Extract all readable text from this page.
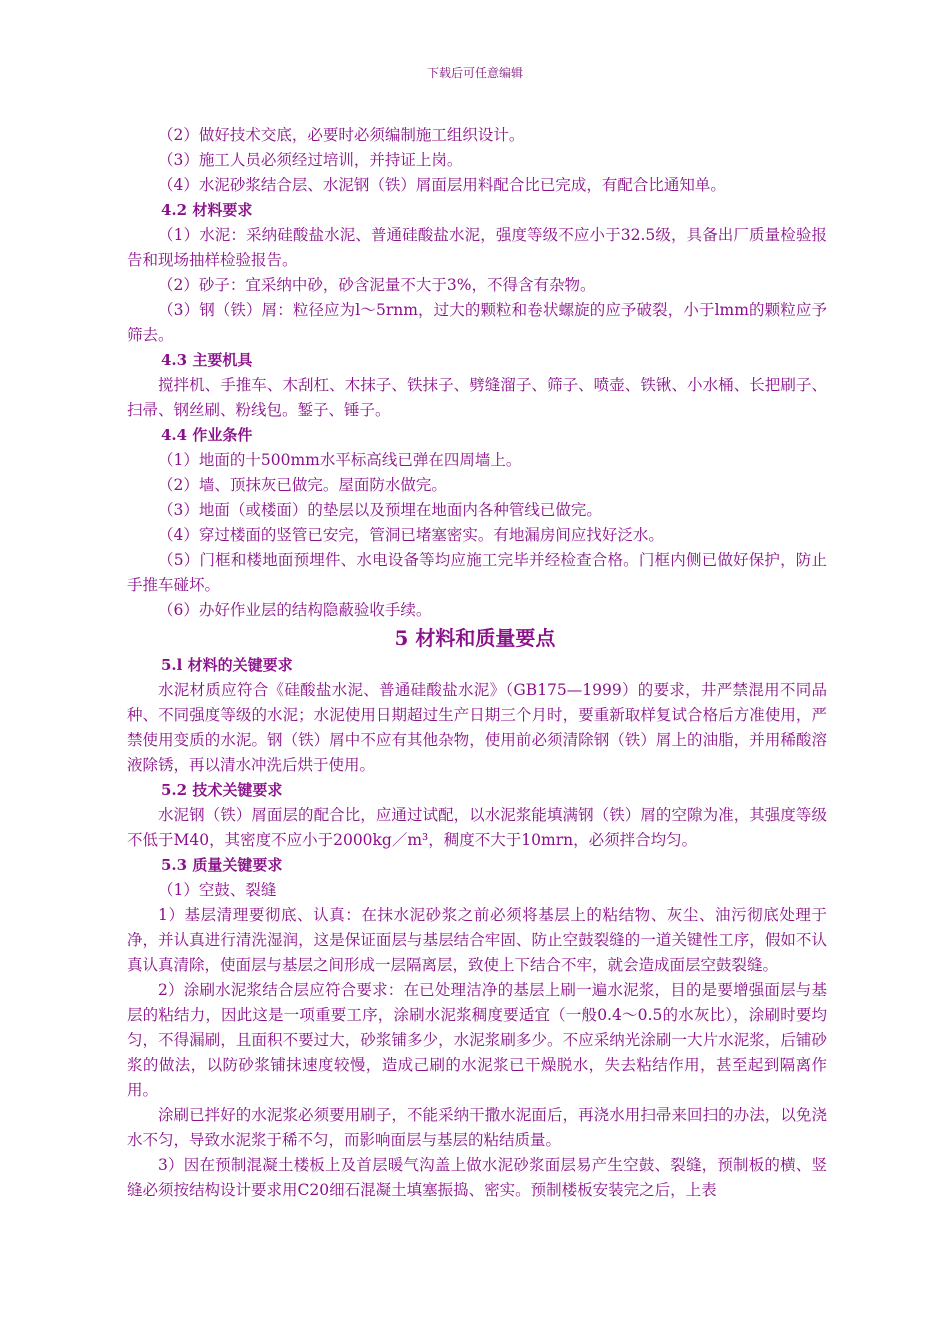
下载后可任意编辑

（2）做好技术交底，必要时必须编制施工组织设计。

（3）施工人员必须经过培训，并持证上岗。

（4）水泥砂浆结合层、水泥钢（铁）屑面层用料配合比已完成，有配合比通知单。

4.2 材料要求

（1）水泥：采纳硅酸盐水泥、普通硅酸盐水泥，强度等级不应小于32.5级，具备出厂质量检验报告和现场抽样检验报告。

（2）砂子：宜采纳中砂，砂含泥量不大于3%，不得含有杂物。

（3）钢（铁）屑：粒径应为l～5rnm，过大的颗粒和卷状螺旋的应予破裂，小于lmm的颗粒应予筛去。

4.3 主要机具

搅拌机、手推车、木刮杠、木抹子、铁抹子、劈缝溜子、筛子、喷壶、铁锹、小水桶、长把刷子、扫帚、钢丝刷、粉线包。錾子、锤子。

4.4 作业条件

（1）地面的十500mm水平标高线已弹在四周墙上。

（2）墙、顶抹灰已做完。屋面防水做完。

（3）地面（或楼面）的垫层以及预埋在地面内各种管线已做完。

（4）穿过楼面的竖管已安完，管洞已堵塞密实。有地漏房间应找好泛水。

（5）门框和楼地面预埋件、水电设备等均应施工完毕并经检查合格。门框内侧已做好保护，防止手推车碰坏。

（6）办好作业层的结构隐蔽验收手续。

5 材料和质量要点

5.l 材料的关键要求

水泥材质应符合《硅酸盐水泥、普通硅酸盐水泥》（GB175—1999）的要求，井严禁混用不同品种、不同强度等级的水泥；水泥使用日期超过生产日期三个月时，要重新取样复试合格后方准使用，严禁使用变质的水泥。钢（铁）屑中不应有其他杂物，使用前必须清除钢（铁）屑上的油脂，并用稀酸溶液除锈，再以清水冲洗后烘于使用。

5.2 技术关键要求

水泥钢（铁）屑面层的配合比，应通过试配，以水泥浆能填满钢（铁）屑的空隙为准，其强度等级不低于M40，其密度不应小于2000kg／m³，稠度不大于10mrn，必须拌合均匀。

5.3 质量关键要求

（1）空鼓、裂缝

1）基层清理要彻底、认真：在抹水泥砂浆之前必须将基层上的粘结物、灰尘、油污彻底处理于净，并认真进行清洗湿润，这是保证面层与基层结合牢固、防止空鼓裂缝的一道关键性工序，假如不认真认真清除，使面层与基层之间形成一层隔离层，致使上下结合不牢，就会造成面层空鼓裂缝。

2）涂刷水泥浆结合层应符合要求：在已处理洁净的基层上刷一遍水泥浆，目的是要增强面层与基层的粘结力，因此这是一项重要工序，涂刷水泥浆稠度要适宜（一般0.4～0.5的水灰比），涂刷时要均匀，不得漏刷，且面积不要过大，砂浆铺多少，水泥浆刷多少。不应采纳光涂刷一大片水泥浆，后铺砂浆的做法，以防砂浆铺抹速度较慢，造成己刷的水泥浆已干燥脱水，失去粘结作用，甚至起到隔离作用。

涂刷已拌好的水泥浆必须要用刷子，不能采纳干撒水泥面后，再浇水用扫帚来回扫的办法，以免浇水不匀，导致水泥浆于稀不匀，而影响面层与基层的粘结质量。

3）因在预制混凝土楼板上及首层暖气沟盖上做水泥砂浆面层易产生空鼓、裂缝，预制板的横、竖缝必须按结构设计要求用C20细石混凝土填塞振捣、密实。预制楼板安装完之后，上表
